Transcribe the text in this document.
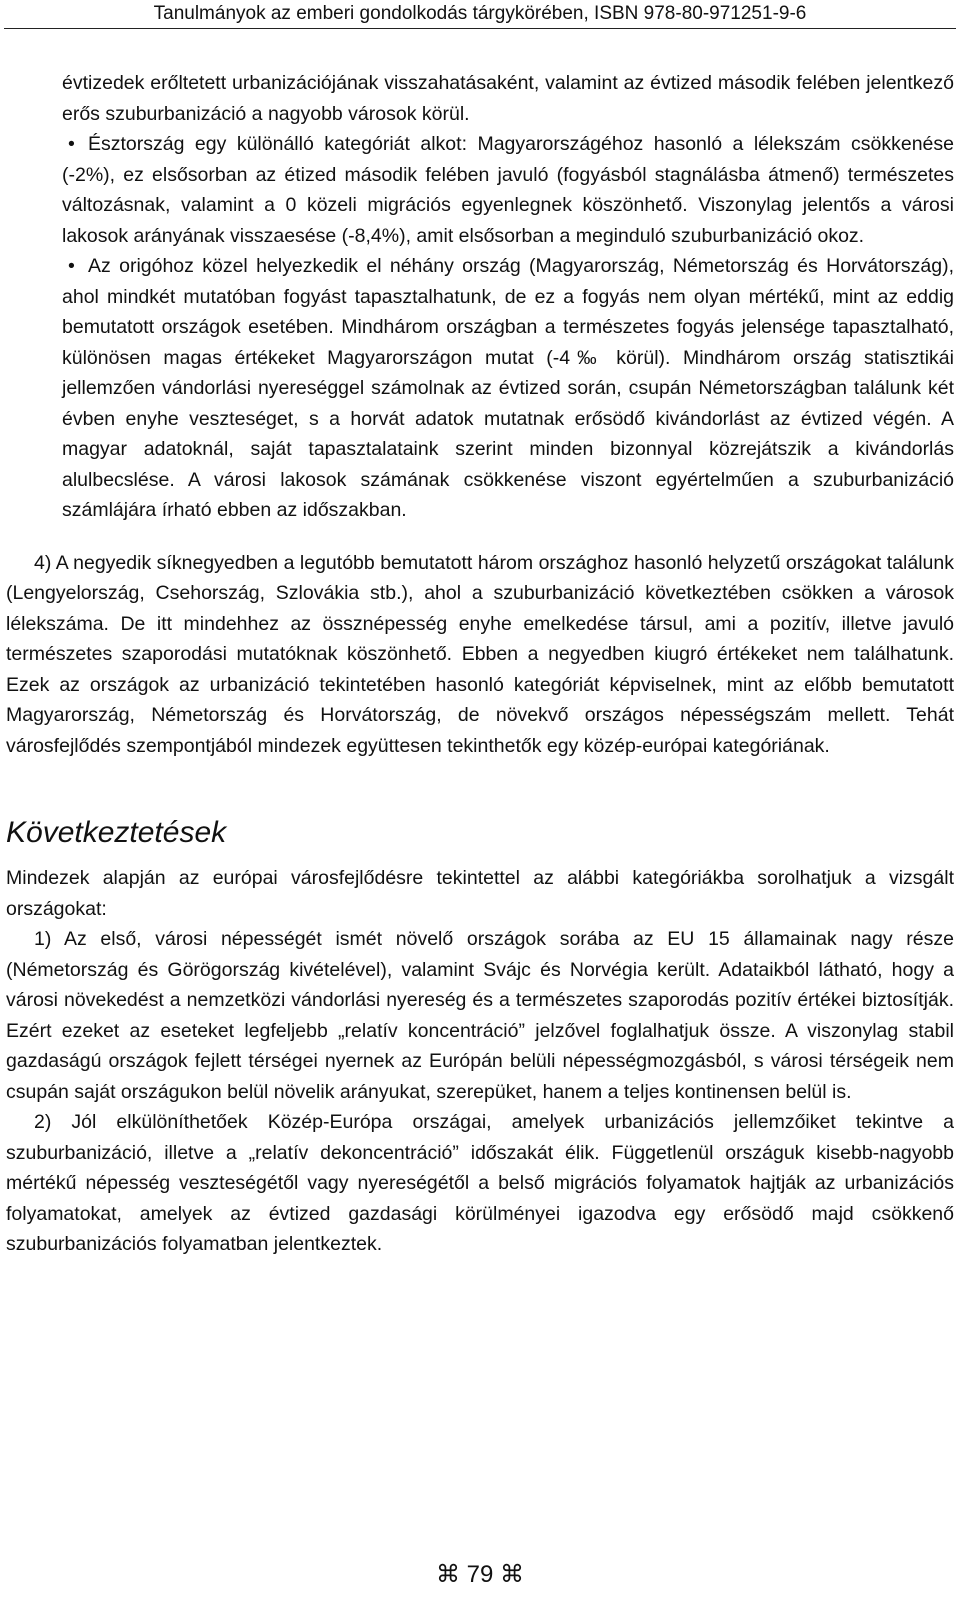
Tanulmányok az emberi gondolkodás tárgykörében, ISBN 978-80-971251-9-6

évtizedek erőltetett urbanizációjának visszahatásaként, valamint az évtized második felében jelentkező erős szuburbanizáció a nagyobb városok körül.

• Észtország egy különálló kategóriát alkot: Magyarországéhoz hasonló a lélekszám csökkenése (-2%), ez elsősorban az étized második felében javuló (fogyásból stagnálásba átmenő) természetes változásnak, valamint a 0 közeli migrációs egyenlegnek köszönhető. Viszonylag jelentős a városi lakosok arányának visszaesése (-8,4%), amit elsősorban a meginduló szuburbanizáció okoz.
• Az origóhoz közel helyezkedik el néhány ország (Magyarország, Németország és Horvátország), ahol mindkét mutatóban fogyást tapasztalhatunk, de ez a fogyás nem olyan mértékű, mint az eddig bemutatott országok esetében. Mindhárom országban a természetes fogyás jelensége tapasztalható, különösen magas értékeket Magyarországon mutat (-4‰ körül). Mindhárom ország statisztikái jellemzően vándorlási nyereséggel számolnak az évtized során, csupán Németországban találunk két évben enyhe veszteséget, s a horvát adatok mutatnak erősödő kivándorlást az évtized végén. A magyar adatoknál, saját tapasztalataink szerint minden bizonnyal közrejátszik a kivándorlás alulbecslése. A városi lakosok számának csökkenése viszont egyértelműen a szuburbanizáció számlájára írható ebben az időszakban.

4) A negyedik síknegyedben a legutóbb bemutatott három országhoz hasonló helyzetű országokat találunk (Lengyelország, Csehország, Szlovákia stb.), ahol a szuburbanizáció következtében csökken a városok lélekszáma. De itt mindehhez az össznépesség enyhe emelkedése társul, ami a pozitív, illetve javuló természetes szaporodási mutatóknak köszönhető. Ebben a negyedben kiugró értékeket nem találhatunk. Ezek az országok az urbanizáció tekintetében hasonló kategóriát képviselnek, mint az előbb bemutatott Magyarország, Németország és Horvátország, de növekvő országos népességszám mellett. Tehát városfejlődés szempontjából mindezek együttesen tekinthetők egy közép-európai kategóriának.

Következtetések

Mindezek alapján az európai városfejlődésre tekintettel az alábbi kategóriákba sorolhatjuk a vizsgált országokat:

1) Az első, városi népességét ismét növelő országok sorába az EU 15 államainak nagy része (Németország és Görögország kivételével), valamint Svájc és Norvégia került. Adataikból látható, hogy a városi növekedést a nemzetközi vándorlási nyereség és a természetes szaporodás pozitív értékei biztosítják. Ezért ezeket az eseteket legfeljebb „relatív koncentráció” jelzővel foglalhatjuk össze. A viszonylag stabil gazdaságú országok fejlett térségei nyernek az Európán belüli népességmozgásból, s városi térségeik nem csupán saját országukon belül növelik arányukat, szerepüket, hanem a teljes kontinensen belül is.

2) Jól elkülöníthetőek Közép-Európa országai, amelyek urbanizációs jellemzőiket tekintve a szuburbanizáció, illetve a „relatív dekoncentráció” időszakát élik. Függetlenül országuk kisebb-nagyobb mértékű népesség veszteségétől vagy nyereségétől a belső migrációs folyamatok hajtják az urbanizációs folyamatokat, amelyek az évtized gazdasági körülményei igazodva egy erősödő majd csökkenő szuburbanizációs folyamatban jelentkeztek.

⌘ 79 ⌘
